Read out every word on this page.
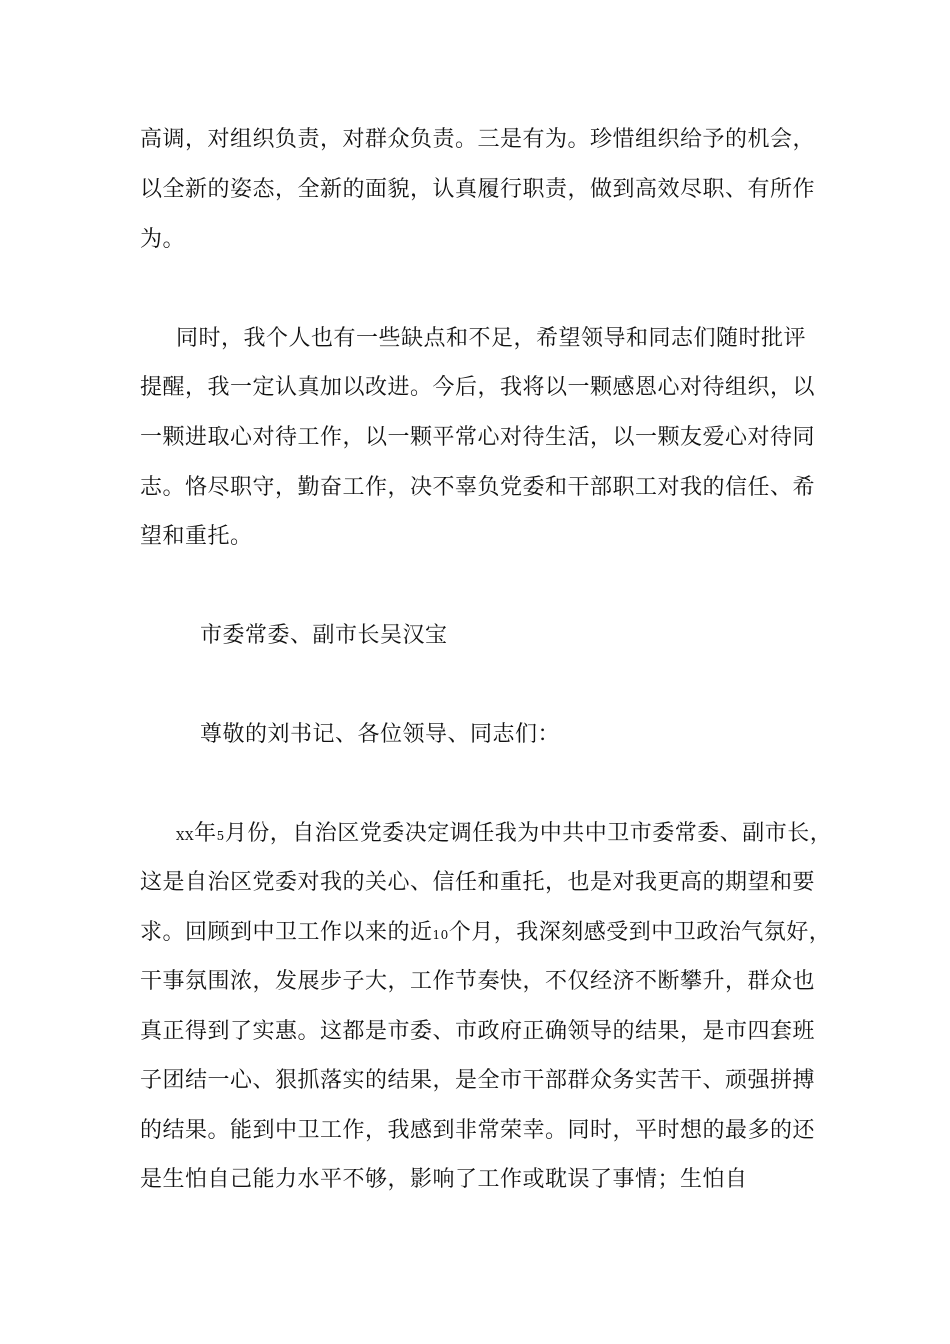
高调，对组织负责，对群众负责。三是有为。珍惜组织给予的机会，
以全新的姿态，全新的面貌，认真履行职责，做到高效尽职、有所作
为。
同时，我个人也有一些缺点和不足，希望领导和同志们随时批评
提醒，我一定认真加以改进。今后，我将以一颗感恩心对待组织，以
一颗进取心对待工作，以一颗平常心对待生活，以一颗友爱心对待同
志。恪尽职守，勤奋工作，决不辜负党委和干部职工对我的信任、希
望和重托。
市委常委、副市长吴汉宝
尊敬的刘书记、各位领导、同志们：
XX年5月份，自治区党委决定调任我为中共中卫市委常委、副市长，
这是自治区党委对我的关心、信任和重托，也是对我更高的期望和要
求。回顾到中卫工作以来的近10个月，我深刻感受到中卫政治气氛好，
干事氛围浓，发展步子大，工作节奏快，不仅经济不断攀升，群众也
真正得到了实惠。这都是市委、市政府正确领导的结果，是市四套班
子团结一心、狠抓落实的结果，是全市干部群众务实苦干、顽强拼搏
的结果。能到中卫工作，我感到非常荣幸。同时，平时想的最多的还
是生怕自己能力水平不够，影响了工作或耽误了事情；生怕自
